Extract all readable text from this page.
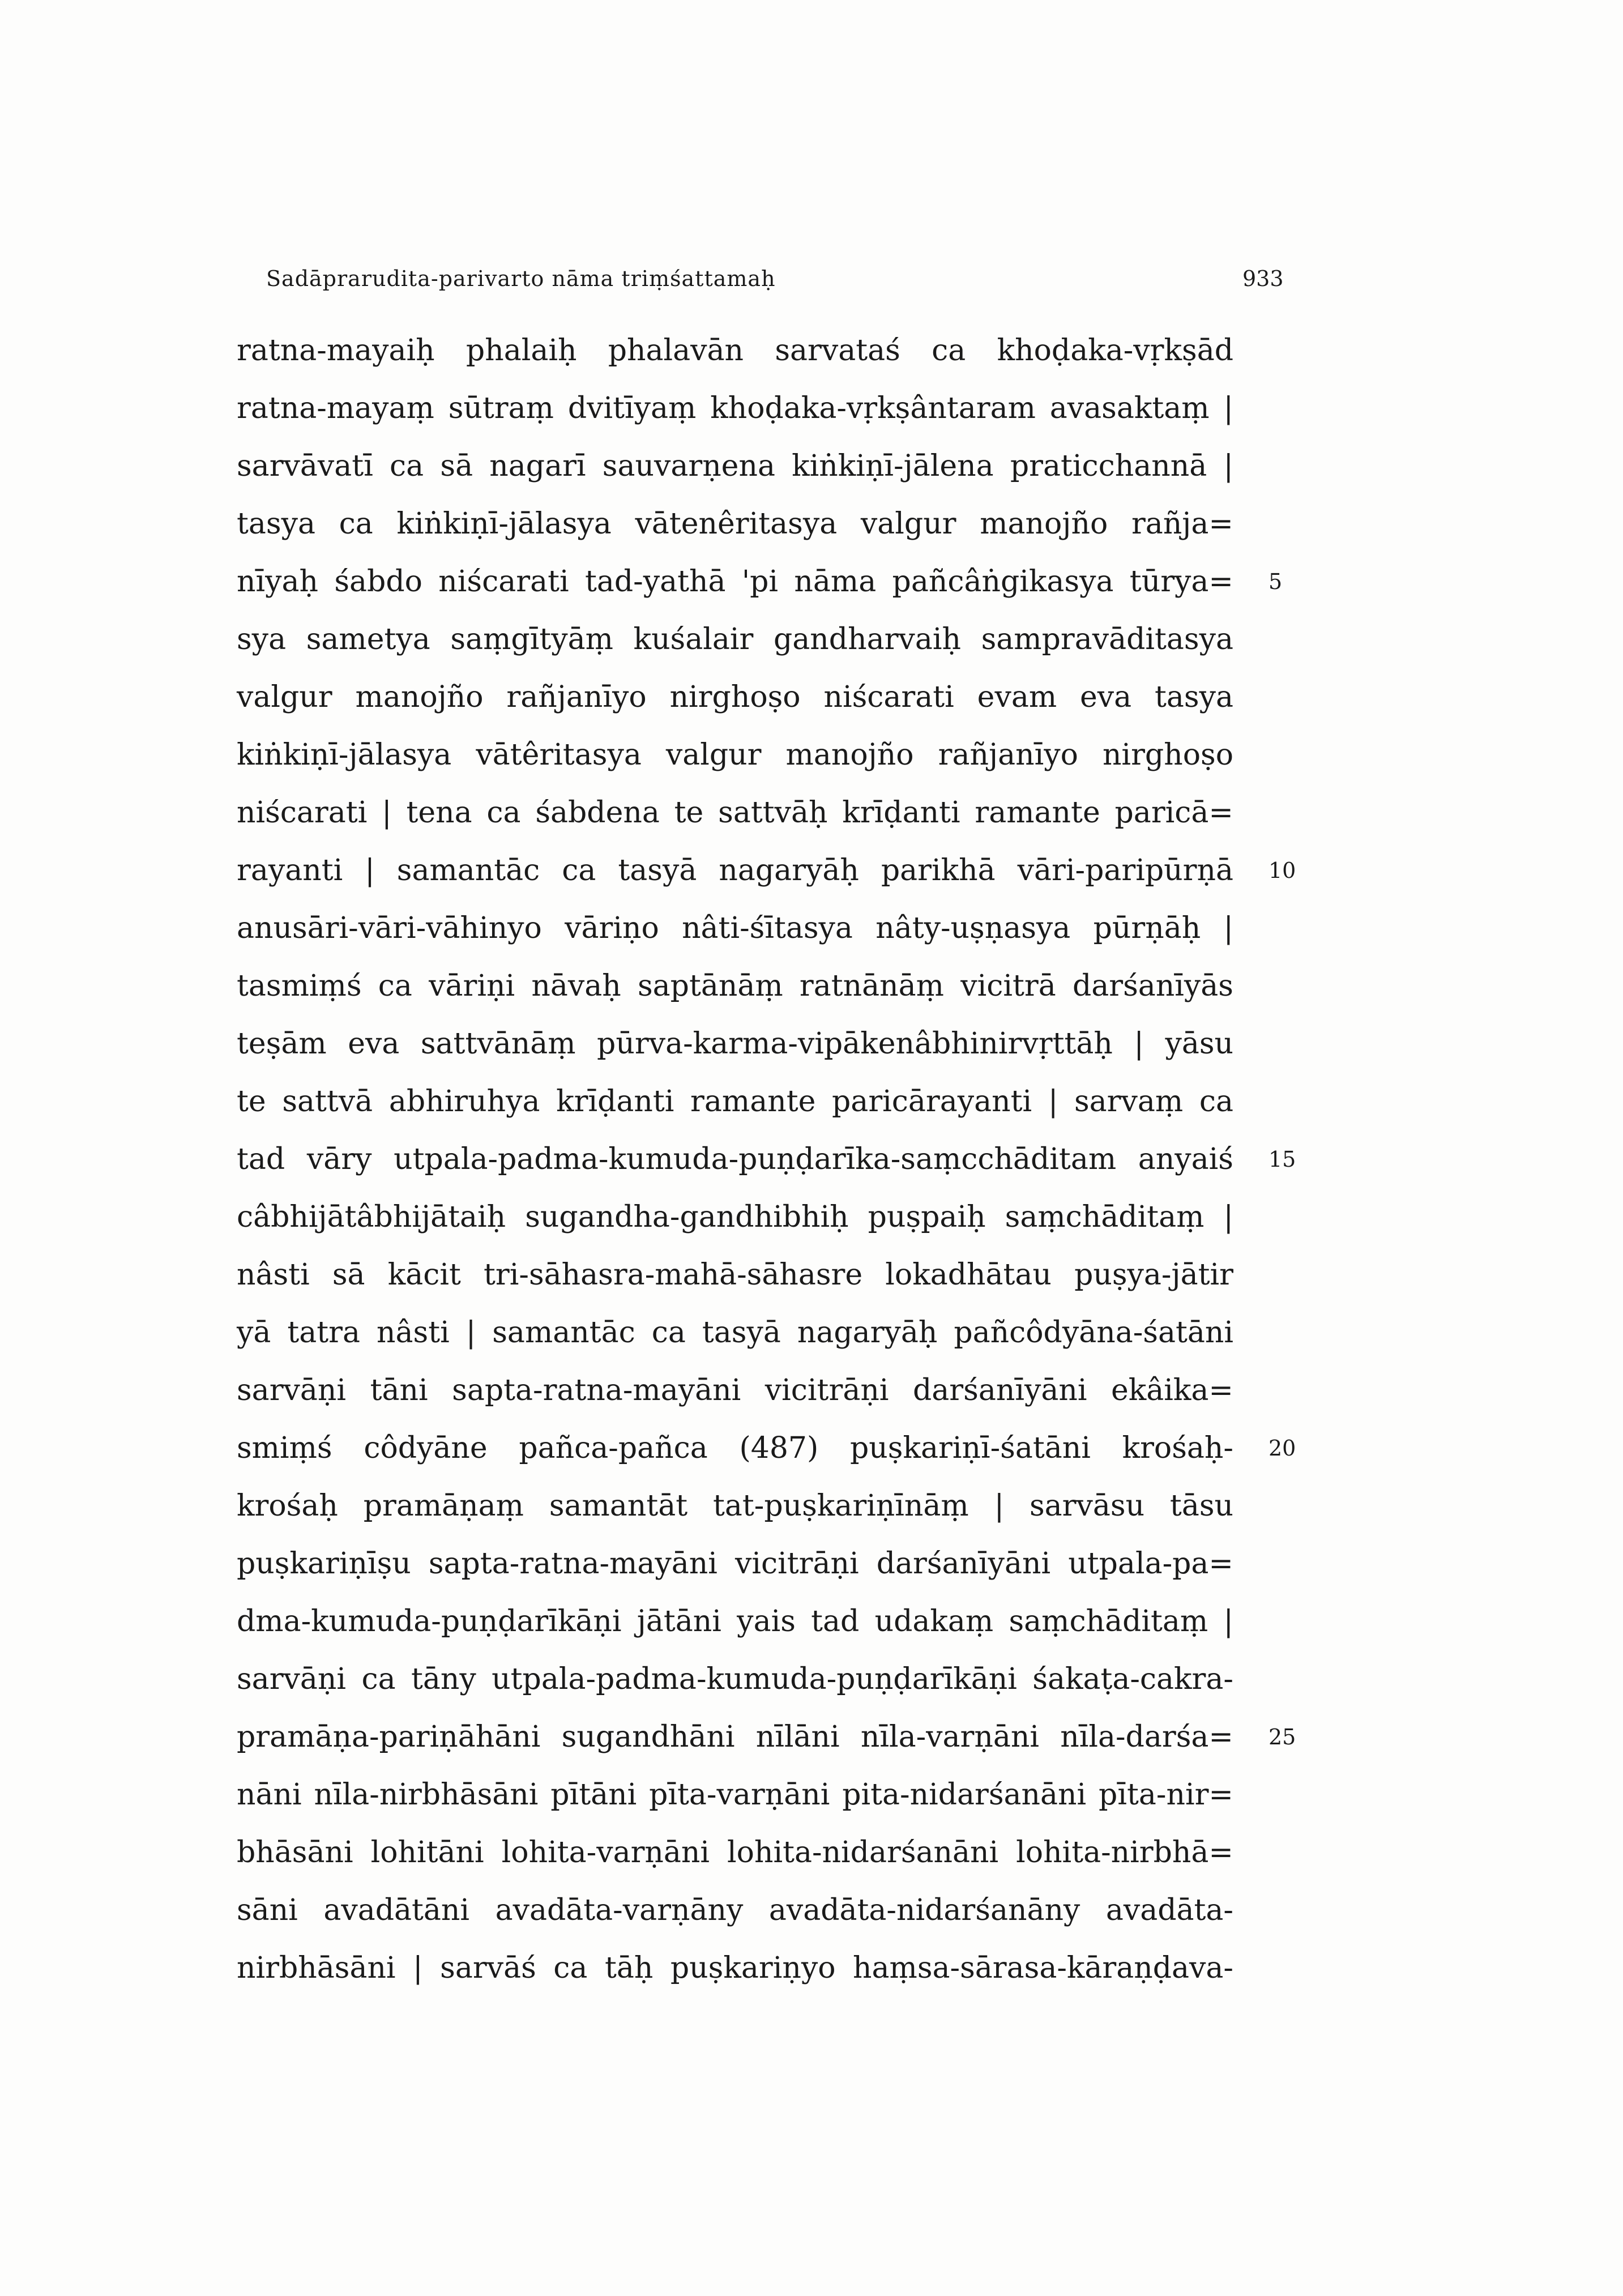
Sadāprarudita-parivarto nāma triṃśattamaḥ	933
ratna-mayaiḥ phalaiḥ phalavān sarvataś ca khoḍaka-vṛkṣād
ratna-mayaṃ sūtraṃ dvitīyaṃ khoḍaka-vṛkṣântaram avasaktaṃ |
sarvāvatī ca sā nagarī sauvarṇena kiṅkiṇī-jālena praticchannā |
tasya ca kiṅkiṇī-jālasya vātenêritasya valgur manojño rañja=
nīyaḥ śabdo niścarati tad-yathā 'pi nāma pañcâṅgikasya tūrya=
sya sametya saṃgītyāṃ kuśalair gandharvaiḥ sampravāditasya
valgur manojño rañjanīyo nirghoṣo niścarati evam eva tasya
kiṅkiṇī-jālasya vātêritasya valgur manojño rañjanīyo nirghoṣo
niścarati | tena ca śabdena te sattvāḥ krīḍanti ramante paricā=
rayanti | samantāc ca tasyā nagaryāḥ parikhā vāri-paripūrṇā
anusāri-vāri-vāhinyo vāriṇo nâti-śītasya nâty-uṣṇasya pūrṇāḥ |
tasmiṃś ca vāriṇi nāvaḥ saptānāṃ ratnānāṃ vicitrā darśanīyās
teṣām eva sattvānāṃ pūrva-karma-vipākenâbhinirvṛttāḥ | yāsu
te sattvā abhiruhya krīḍanti ramante paricārayanti | sarvaṃ ca
tad vāry utpala-padma-kumuda-puṇḍarīka-saṃcchāditam anyaiś
câbhijātâbhijātaiḥ sugandha-gandhibhiḥ puṣpaiḥ saṃchāditaṃ |
nâsti sā kācit tri-sāhasra-mahā-sāhasre lokadhātau puṣya-jātir
yā tatra nâsti | samantāc ca tasyā nagaryāḥ pañcôdyāna-śatāni
sarvāṇi tāni sapta-ratna-mayāni vicitrāṇi darśanīyāni ekâika=
smiṃś côdyāne pañca-pañca (487) puṣkariṇī-śatāni krośaḥ-
krośaḥ pramāṇaṃ samantāt tat-puṣkariṇīnāṃ | sarvāsu tāsu
puṣkariṇīṣu sapta-ratna-mayāni vicitrāṇi darśanīyāni utpala-pa=
dma-kumuda-puṇḍarīkāṇi jātāni yais tad udakaṃ saṃchāditaṃ |
sarvāṇi ca tāny utpala-padma-kumuda-puṇḍarīkāṇi śakaṭa-cakra-
pramāṇa-pariṇāhāni sugandhāni nīlāni nīla-varṇāni nīla-darśa=
nāni nīla-nirbhāsāni pītāni pīta-varṇāni pita-nidarśanāni pīta-nir=
bhāsāni lohitāni lohita-varṇāni lohita-nidarśanāni lohita-nirbhā=
sāni avadātāni avadāta-varṇāny avadāta-nidarśanāny avadāta-
nirbhāsāni | sarvāś ca tāḥ puṣkariṇyo haṃsa-sārasa-kāraṇḍava-
5
10
15
20
25
